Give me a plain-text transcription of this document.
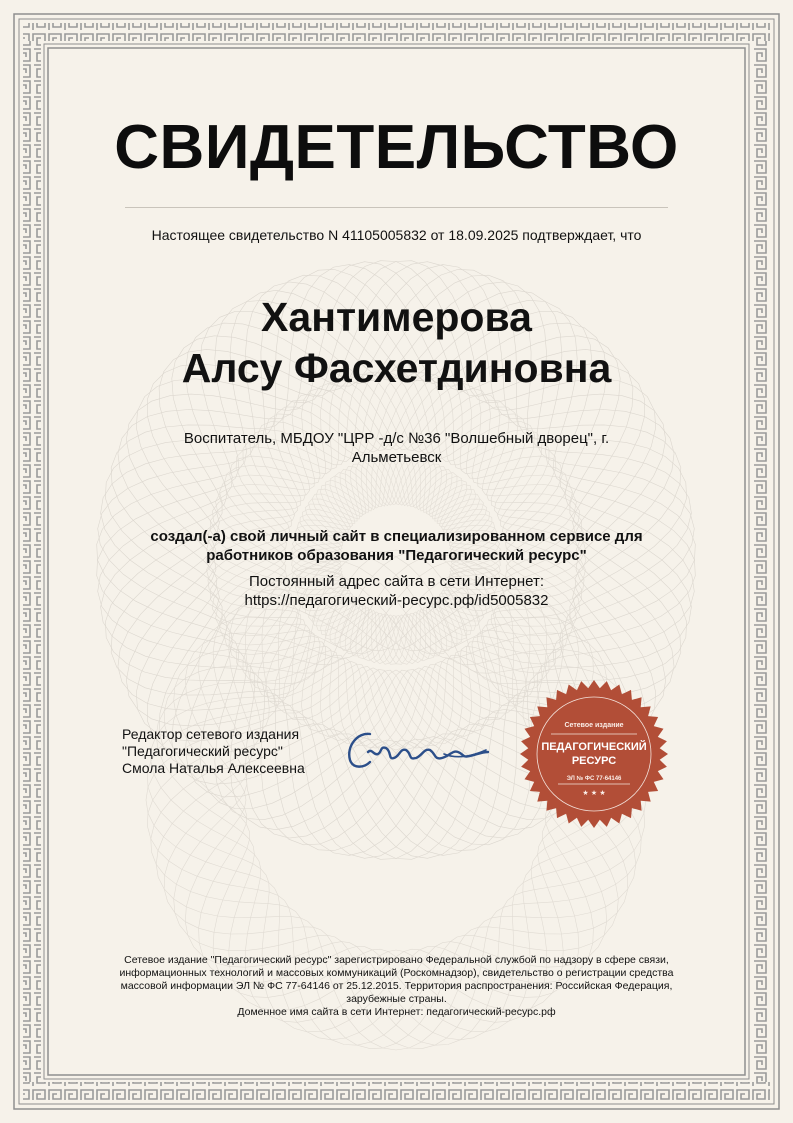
СВИДЕТЕЛЬСТВО
Настоящее свидетельство N 41105005832 от 18.09.2025 подтверждает, что
Хантимерова
Алсу Фасхетдиновна
Воспитатель, МБДОУ "ЦРР -д/с №36 "Волшебный дворец", г. Альметьевск
создал(-а) свой личный сайт в специализированном сервисе для работников образования "Педагогический ресурс"
Постоянный адрес сайта в сети Интернет:
https://педагогический-ресурс.рф/id5005832
Редактор сетевого издания
"Педагогический ресурс"
Смола Наталья Алексеевна
Сетевое издание
ПЕДАГОГИЧЕСКИЙ
РЕСУРС
ЭЛ № ФС 77-64146
★ ★ ★
Сетевое издание "Педагогический ресурс" зарегистрировано Федеральной службой по надзору в сфере связи, информационных технологий и массовых коммуникаций (Роскомнадзор), свидетельство о регистрации средства массовой информации ЭЛ № ФС 77-64146 от 25.12.2015. Территория распространения: Российская Федерация, зарубежные страны.
Доменное имя сайта в сети Интернет: педагогический-ресурс.рф
